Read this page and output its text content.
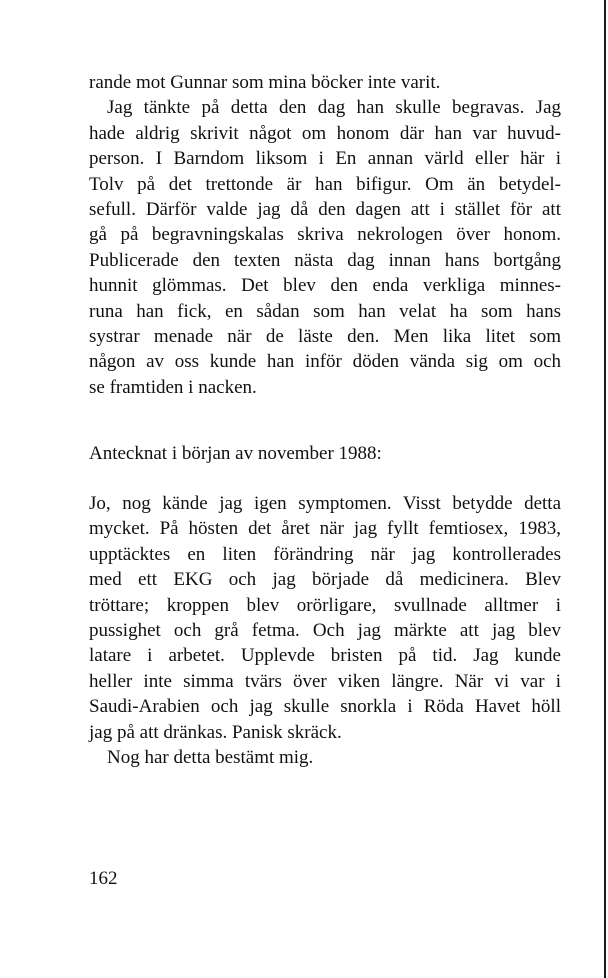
rande mot Gunnar som mina böcker inte varit.
Jag tänkte på detta den dag han skulle begravas. Jag
hade aldrig skrivit något om honom där han var huvud-
person. I Barndom liksom i En annan värld eller här i
Tolv på det trettonde är han bifigur. Om än betydel-
sefull. Därför valde jag då den dagen att i stället för att
gå på begravningskalas skriva nekrologen över honom.
Publicerade den texten nästa dag innan hans bortgång
hunnit glömmas. Det blev den enda verkliga minnes-
runa han fick, en sådan som han velat ha som hans
systrar menade när de läste den. Men lika litet som
någon av oss kunde han inför döden vända sig om och
se framtiden i nacken.
Antecknat i början av november 1988:
Jo, nog kände jag igen symptomen. Visst betydde detta
mycket. På hösten det året när jag fyllt femtiosex, 1983,
upptäcktes en liten förändring när jag kontrollerades
med ett EKG och jag började då medicinera. Blev
tröttare; kroppen blev orörligare, svullnade alltmer i
pussighet och grå fetma. Och jag märkte att jag blev
latare i arbetet. Upplevde bristen på tid. Jag kunde
heller inte simma tvärs över viken längre. När vi var i
Saudi-Arabien och jag skulle snorkla i Röda Havet höll
jag på att dränkas. Panisk skräck.
Nog har detta bestämt mig.
162
